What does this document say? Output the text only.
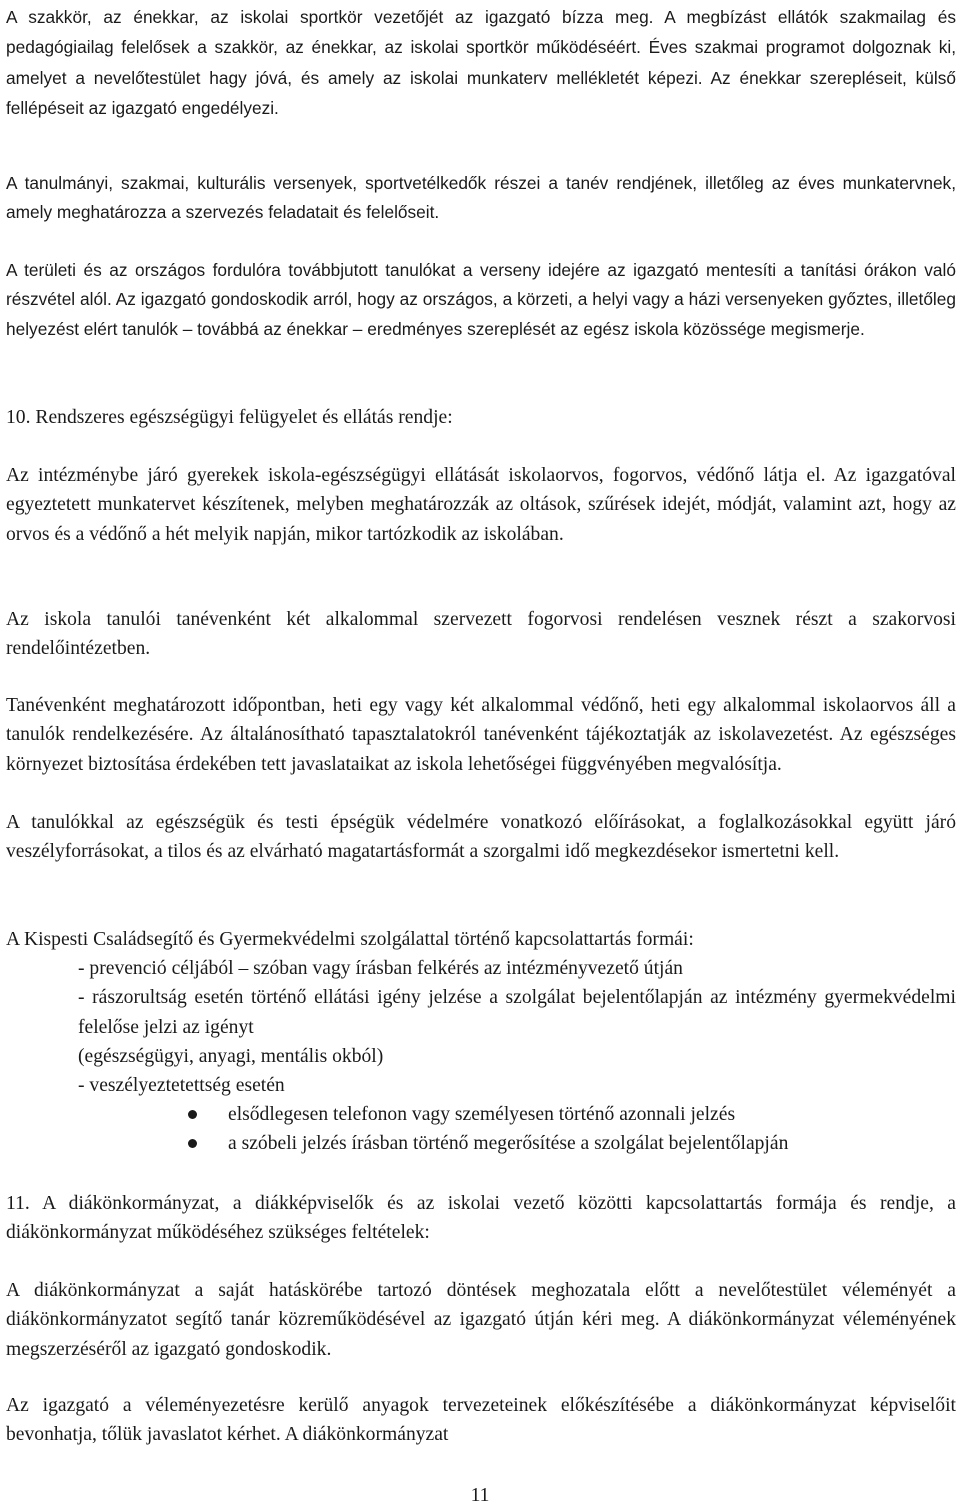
A szakkör, az énekkar, az iskolai sportkör vezetőjét az igazgató bízza meg. A megbízást ellátók szakmailag és pedagógiailag felelősek a szakkör, az énekkar, az iskolai sportkör működéséért. Éves szakmai programot dolgoznak ki, amelyet a nevelőtestület hagy jóvá, és amely az iskolai munkaterv mellékletét képezi. Az énekkar szerepléseit, külső fellépéseit az igazgató engedélyezi.

A tanulmányi, szakmai, kulturális versenyek, sportvetélkedők részei a tanév rendjének, illetőleg az éves munkatervnek, amely meghatározza a szervezés feladatait és felelőseit.

A területi és az országos fordulóra továbbjutott tanulókat a verseny idejére az igazgató mentesíti a tanítási órákon való részvétel alól. Az igazgató gondoskodik arról, hogy az országos, a körzeti, a helyi vagy a házi versenyeken győztes, illetőleg helyezést elért tanulók – továbbá az énekkar – eredményes szereplését az egész iskola közössége megismerje.

10. Rendszeres egészségügyi felügyelet és ellátás rendje:

Az intézménybe járó gyerekek iskola-egészségügyi ellátását iskolaorvos, fogorvos, védőnő látja el. Az igazgatóval egyeztetett munkatervet készítenek, melyben meghatározzák az oltások, szűrések idejét, módját, valamint azt, hogy az orvos és a védőnő a hét melyik napján, mikor tartózkodik az iskolában.

Az iskola tanulói tanévenként két alkalommal szervezett fogorvosi rendelésen vesznek részt a szakorvosi rendelőintézetben.

Tanévenként meghatározott időpontban, heti egy vagy két alkalommal védőnő, heti egy alkalommal iskolaorvos áll a tanulók rendelkezésére. Az általánosítható tapasztalatokról tanévenként tájékoztatják az iskolavezetést. Az egészséges környezet biztosítása érdekében tett javaslataikat az iskola lehetőségei függvényében megvalósítja.

A tanulókkal az egészségük és testi épségük védelmére vonatkozó előírásokat, a foglalkozásokkal együtt járó veszélyforrásokat, a tilos és az elvárható magatartásformát a szorgalmi idő megkezdésekor ismertetni kell.

A Kispesti Családsegítő és Gyermekvédelmi szolgálattal történő kapcsolattartás formái:

- prevenció céljából – szóban vagy írásban felkérés az intézményvezető útján

- rászorultság esetén történő ellátási igény jelzése a szolgálat bejelentőlapján az intézmény gyermekvédelmi felelőse jelzi az igényt

(egészségügyi, anyagi, mentális okból)

- veszélyeztetettség esetén

elsődlegesen telefonon vagy személyesen történő azonnali jelzés
a szóbeli jelzés írásban történő megerősítése a szolgálat bejelentőlapján

11. A diákönkormányzat, a diákképviselők és az iskolai vezető közötti kapcsolattartás formája és rendje, a diákönkormányzat működéséhez szükséges feltételek:

A diákönkormányzat a saját hatáskörébe tartozó döntések meghozatala előtt a nevelőtestület véleményét a diákönkormányzatot segítő tanár közreműködésével az igazgató útján kéri meg. A diákönkormányzat véleményének megszerzéséről az igazgató gondoskodik.

Az igazgató a véleményezetésre kerülő anyagok tervezeteinek előkészítésébe a diákönkormányzat képviselőit bevonhatja, tőlük javaslatot kérhet. A diákönkormányzat

11
